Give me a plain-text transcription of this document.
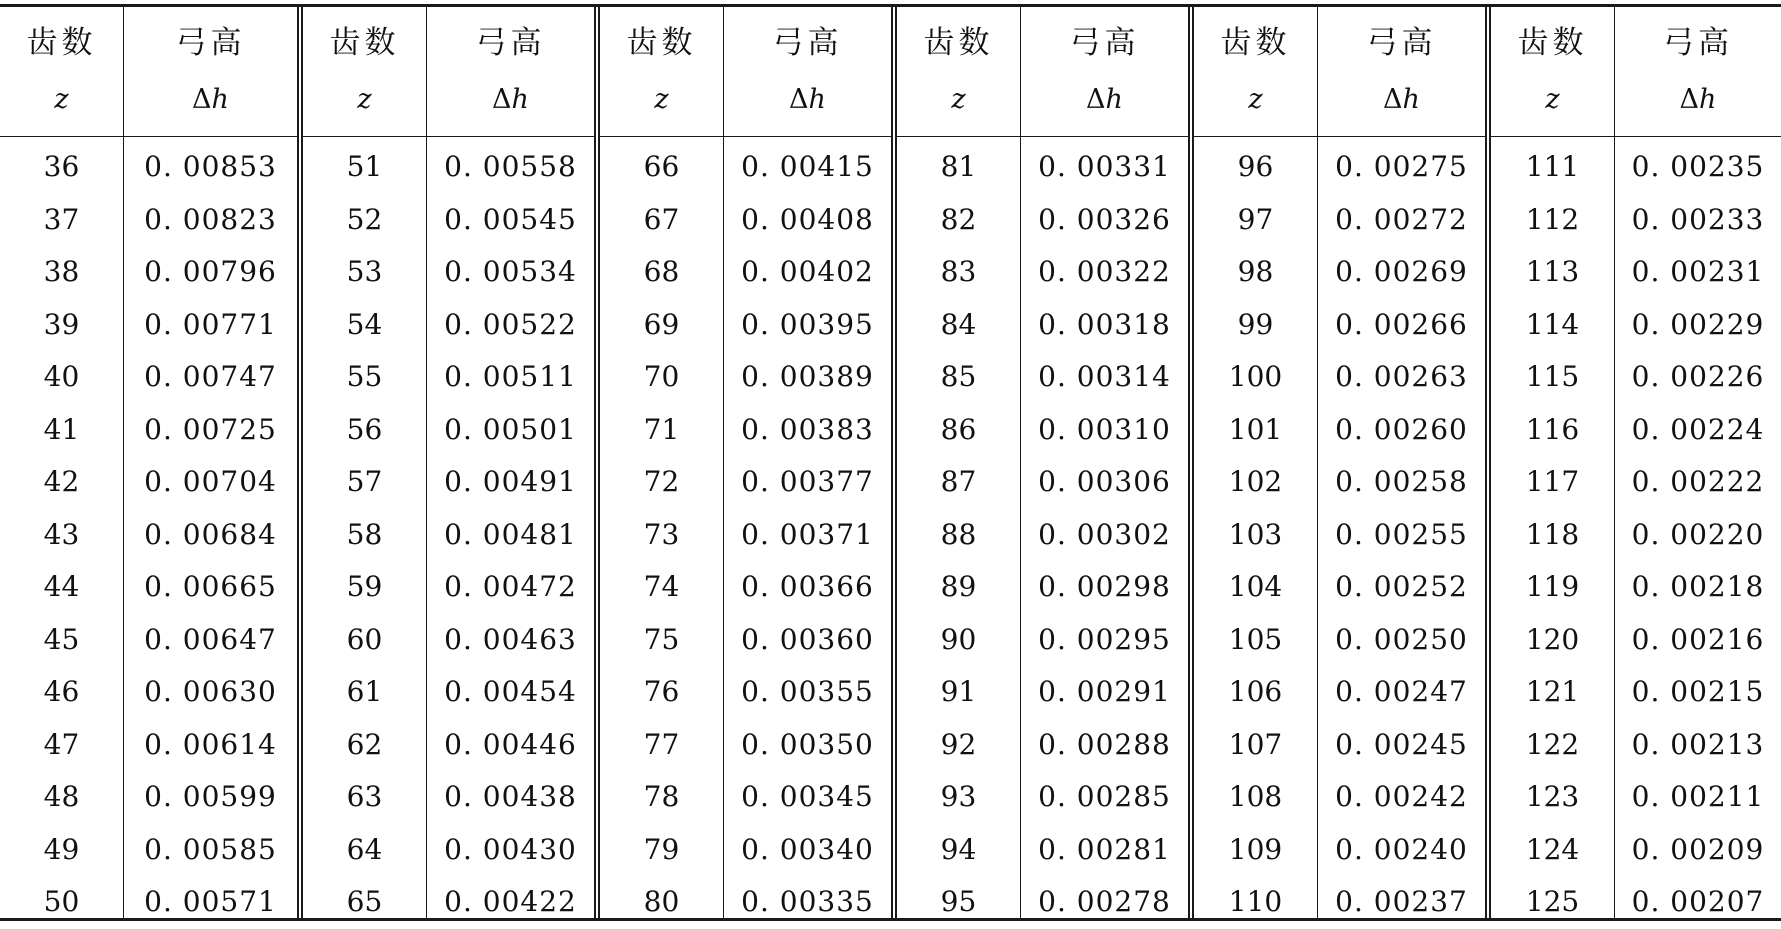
齿数
z
36
37
38
39
40
41
42
43
44
45
46
47
48
49
50
弓高
Δh
0. 00853
0. 00823
0. 00796
0. 00771
0. 00747
0. 00725
0. 00704
0. 00684
0. 00665
0. 00647
0. 00630
0. 00614
0. 00599
0. 00585
0. 00571
齿数
z
51
52
53
54
55
56
57
58
59
60
61
62
63
64
65
弓高
Δh
0. 00558
0. 00545
0. 00534
0. 00522
0. 00511
0. 00501
0. 00491
0. 00481
0. 00472
0. 00463
0. 00454
0. 00446
0. 00438
0. 00430
0. 00422
齿数
z
66
67
68
69
70
71
72
73
74
75
76
77
78
79
80
弓高
Δh
0. 00415
0. 00408
0. 00402
0. 00395
0. 00389
0. 00383
0. 00377
0. 00371
0. 00366
0. 00360
0. 00355
0. 00350
0. 00345
0. 00340
0. 00335
齿数
z
81
82
83
84
85
86
87
88
89
90
91
92
93
94
95
弓高
Δh
0. 00331
0. 00326
0. 00322
0. 00318
0. 00314
0. 00310
0. 00306
0. 00302
0. 00298
0. 00295
0. 00291
0. 00288
0. 00285
0. 00281
0. 00278
齿数
z
96
97
98
99
100
101
102
103
104
105
106
107
108
109
110
弓高
Δh
0. 00275
0. 00272
0. 00269
0. 00266
0. 00263
0. 00260
0. 00258
0. 00255
0. 00252
0. 00250
0. 00247
0. 00245
0. 00242
0. 00240
0. 00237
齿数
z
111
112
113
114
115
116
117
118
119
120
121
122
123
124
125
弓高
Δh
0. 00235
0. 00233
0. 00231
0. 00229
0. 00226
0. 00224
0. 00222
0. 00220
0. 00218
0. 00216
0. 00215
0. 00213
0. 00211
0. 00209
0. 00207
